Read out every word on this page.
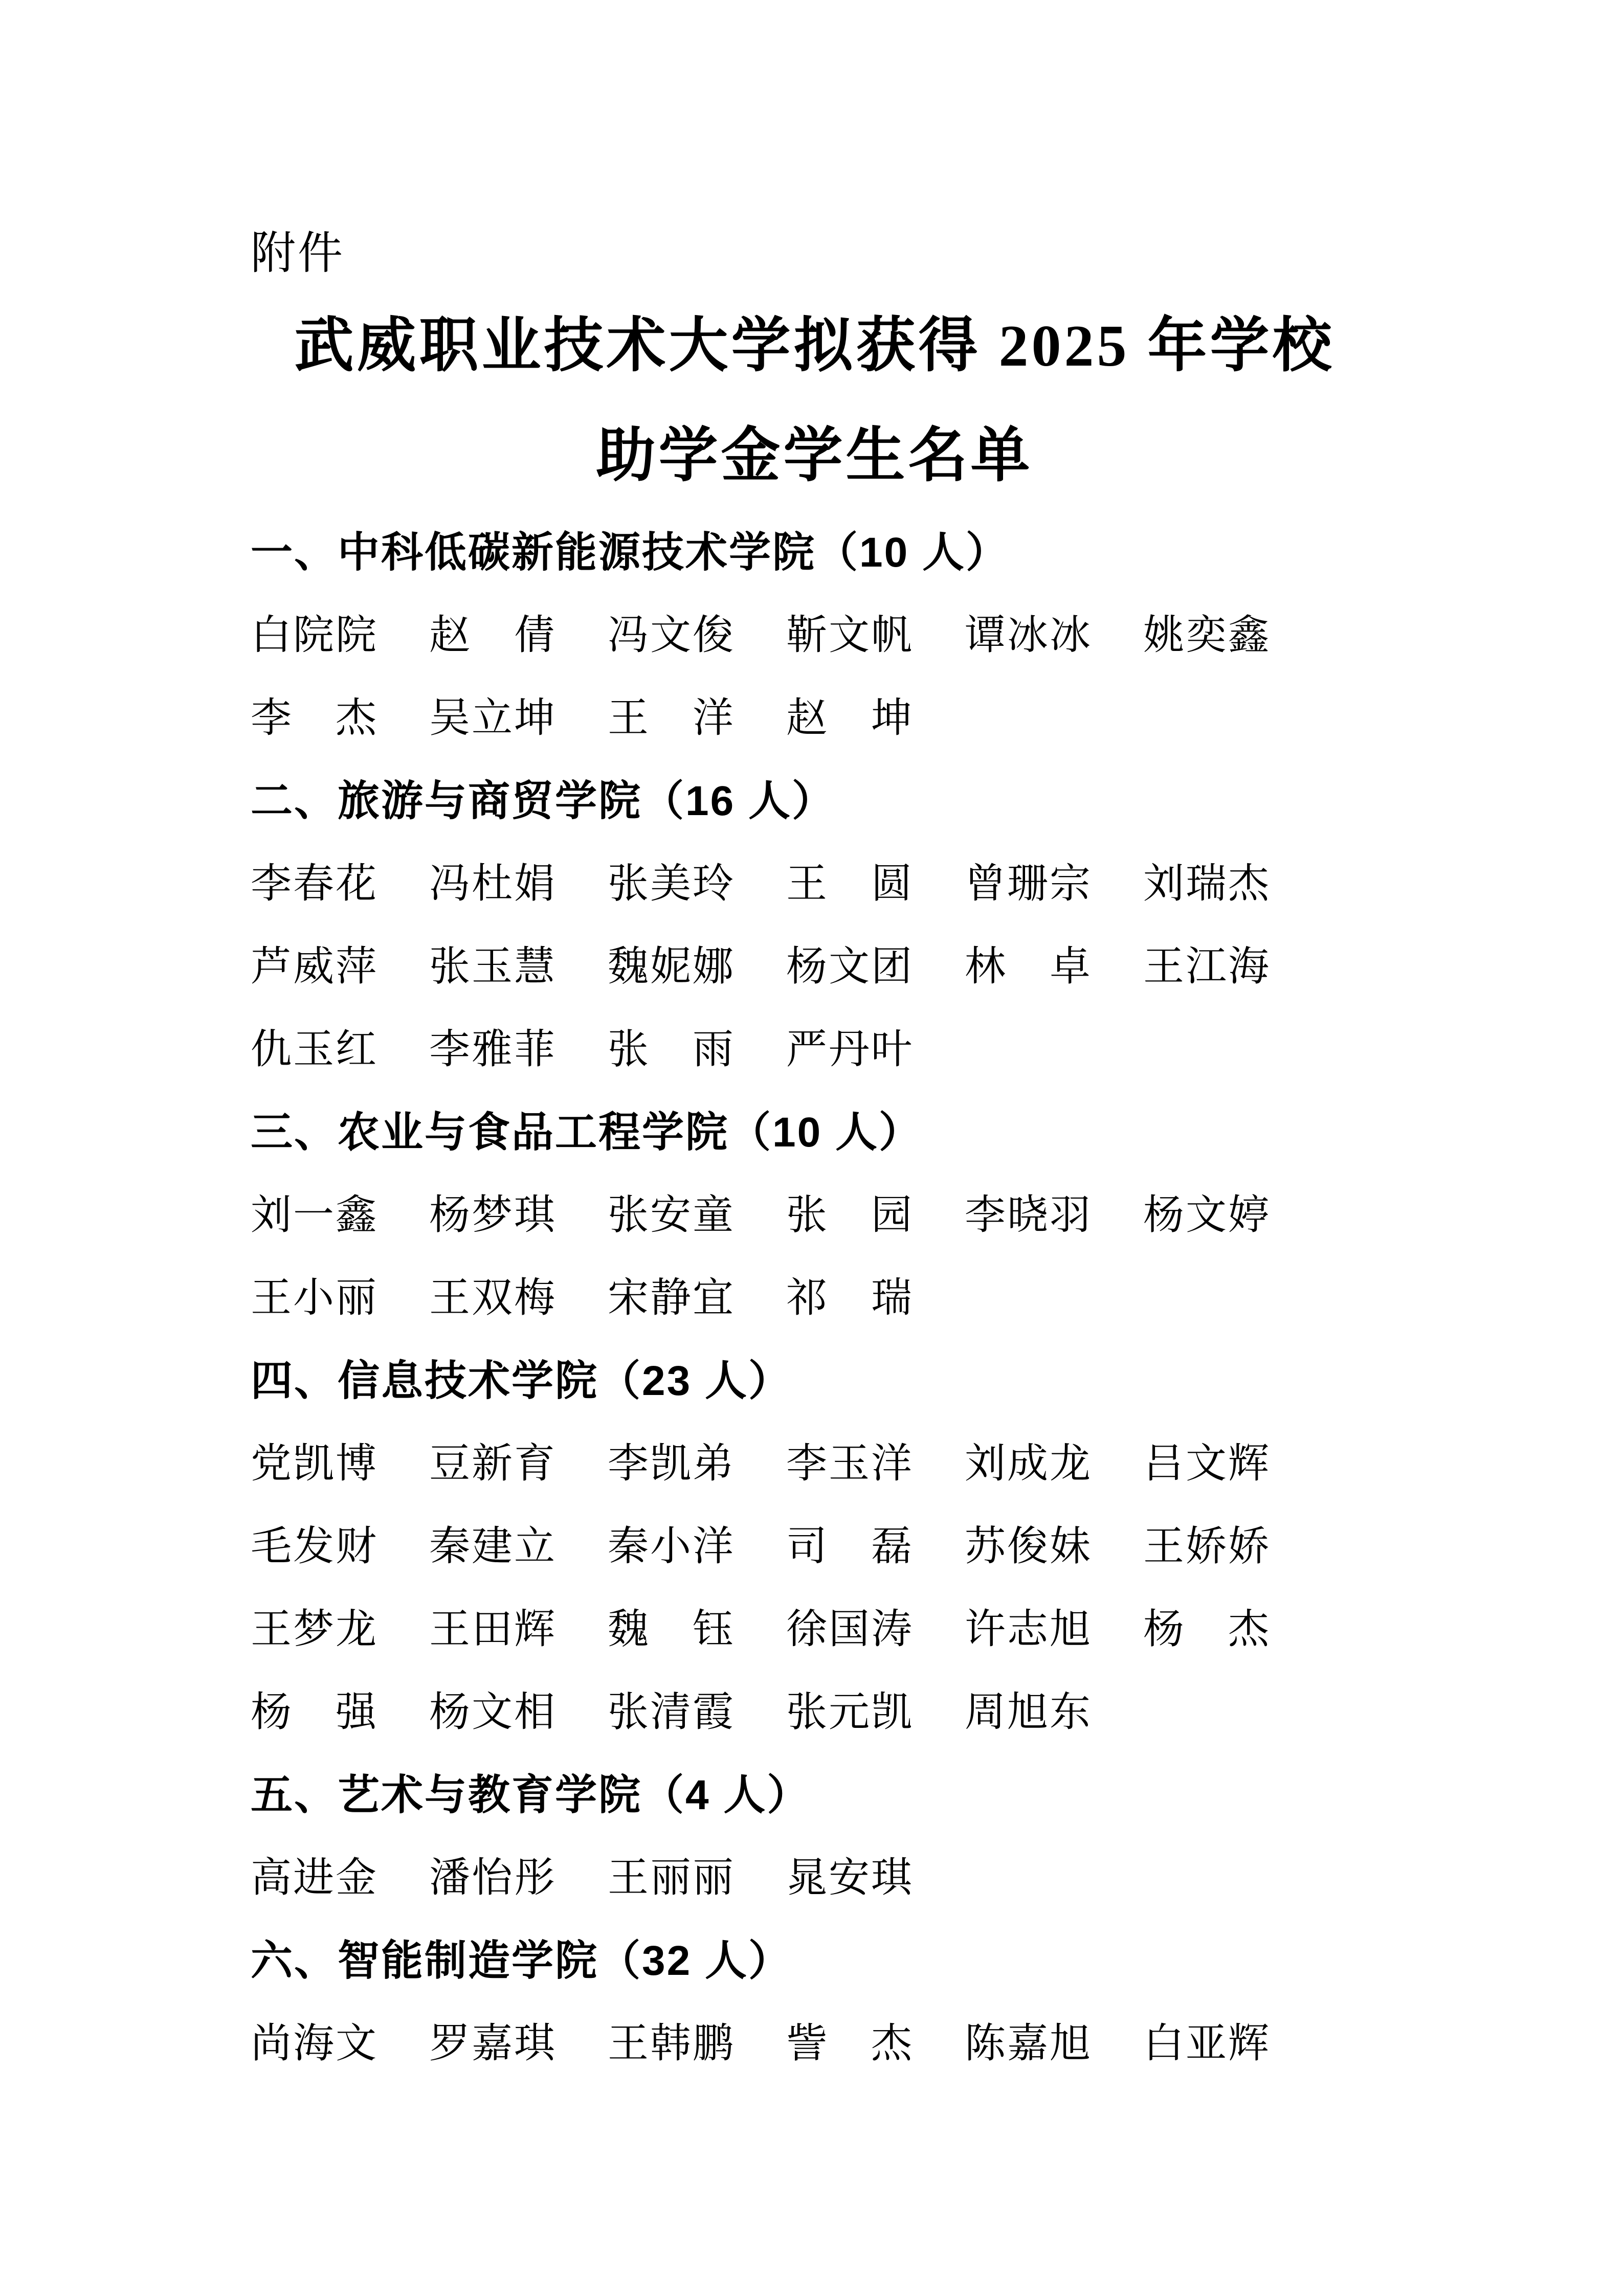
附件
武威职业技术大学拟获得 2025 年学校
助学金学生名单
一、中科低碳新能源技术学院（10 人）
白院院 赵　倩 冯文俊 靳文帆 谭冰冰 姚奕鑫
李　杰 吴立坤 王　洋 赵　坤
二、旅游与商贸学院（16 人）
李春花 冯杜娟 张美玲 王　圆 曾珊宗 刘瑞杰
芦威萍 张玉慧 魏妮娜 杨文团 林　卓 王江海
仇玉红 李雅菲 张　雨 严丹叶
三、农业与食品工程学院（10 人）
刘一鑫 杨梦琪 张安童 张　园 李晓羽 杨文婷
王小丽 王双梅 宋静宜 祁　瑞
四、信息技术学院（23 人）
党凯博 豆新育 李凯弟 李玉洋 刘成龙 吕文辉
毛发财 秦建立 秦小洋 司　磊 苏俊妹 王娇娇
王梦龙 王田辉 魏　钰 徐国涛 许志旭 杨　杰
杨　强 杨文相 张清霞 张元凯 周旭东
五、艺术与教育学院（4 人）
高进金 潘怡彤 王丽丽 晁安琪
六、智能制造学院（32 人）
尚海文 罗嘉琪 王韩鹏 訾　杰 陈嘉旭 白亚辉
